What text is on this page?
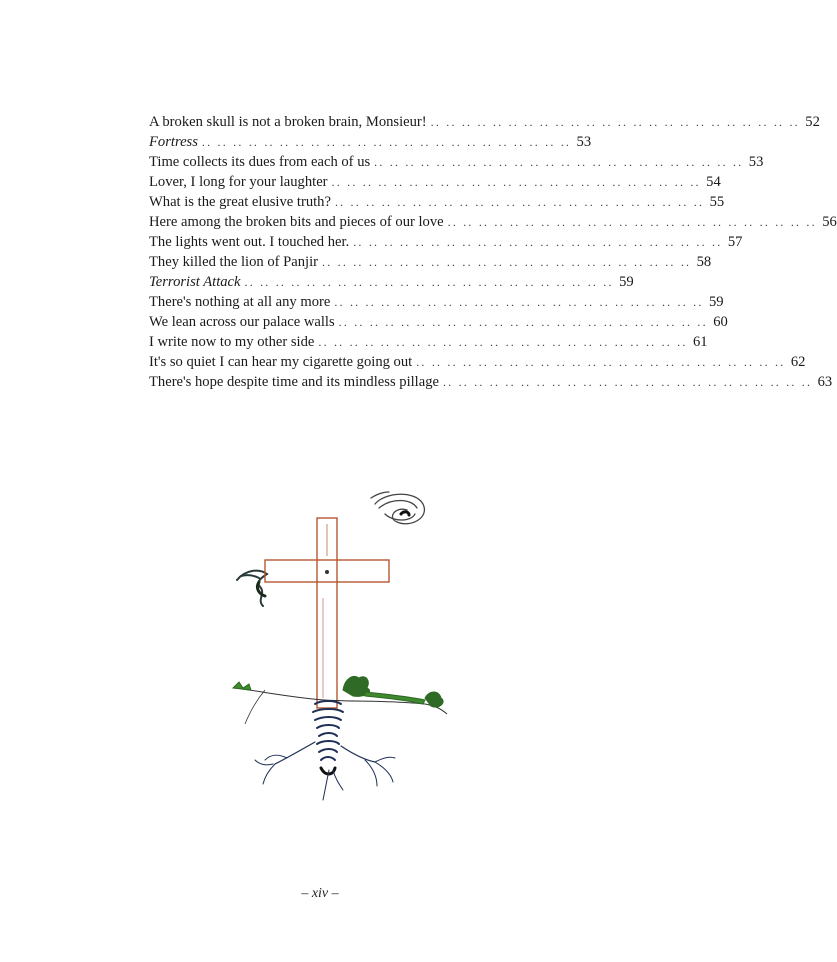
A broken skull is not a broken brain, Monsieur! .. .. .. .. .. .. .. .. .. .. .. .. .. .. .. .. .. .. .. .. .. .. .. .. 52
Fortress .. .. .. .. .. .. .. .. .. .. .. .. .. .. .. .. .. .. .. .. .. .. .. .. 53
Time collects its dues from each of us .. .. .. .. .. .. .. .. .. .. .. .. .. .. .. .. .. .. .. .. .. .. .. .. 53
Lover, I long for your laughter .. .. .. .. .. .. .. .. .. .. .. .. .. .. .. .. .. .. .. .. .. .. .. .. 54
What is the great elusive truth? .. .. .. .. .. .. .. .. .. .. .. .. .. .. .. .. .. .. .. .. .. .. .. .. 55
Here among the broken bits and pieces of our love .. .. .. .. .. .. .. .. .. .. .. .. .. .. .. .. .. .. .. .. .. .. .. .. 56
The lights went out. I touched her. .. .. .. .. .. .. .. .. .. .. .. .. .. .. .. .. .. .. .. .. .. .. .. .. 57
They killed the lion of Panjir .. .. .. .. .. .. .. .. .. .. .. .. .. .. .. .. .. .. .. .. .. .. .. .. 58
Terrorist Attack .. .. .. .. .. .. .. .. .. .. .. .. .. .. .. .. .. .. .. .. .. .. .. .. 59
There's nothing at all any more .. .. .. .. .. .. .. .. .. .. .. .. .. .. .. .. .. .. .. .. .. .. .. .. 59
We lean across our palace walls .. .. .. .. .. .. .. .. .. .. .. .. .. .. .. .. .. .. .. .. .. .. .. .. 60
I write now to my other side .. .. .. .. .. .. .. .. .. .. .. .. .. .. .. .. .. .. .. .. .. .. .. .. 61
It's so quiet I can hear my cigarette going out .. .. .. .. .. .. .. .. .. .. .. .. .. .. .. .. .. .. .. .. .. .. .. .. 62
There's hope despite time and its mindless pillage .. .. .. .. .. .. .. .. .. .. .. .. .. .. .. .. .. .. .. .. .. .. .. .. 63
– xiv –
